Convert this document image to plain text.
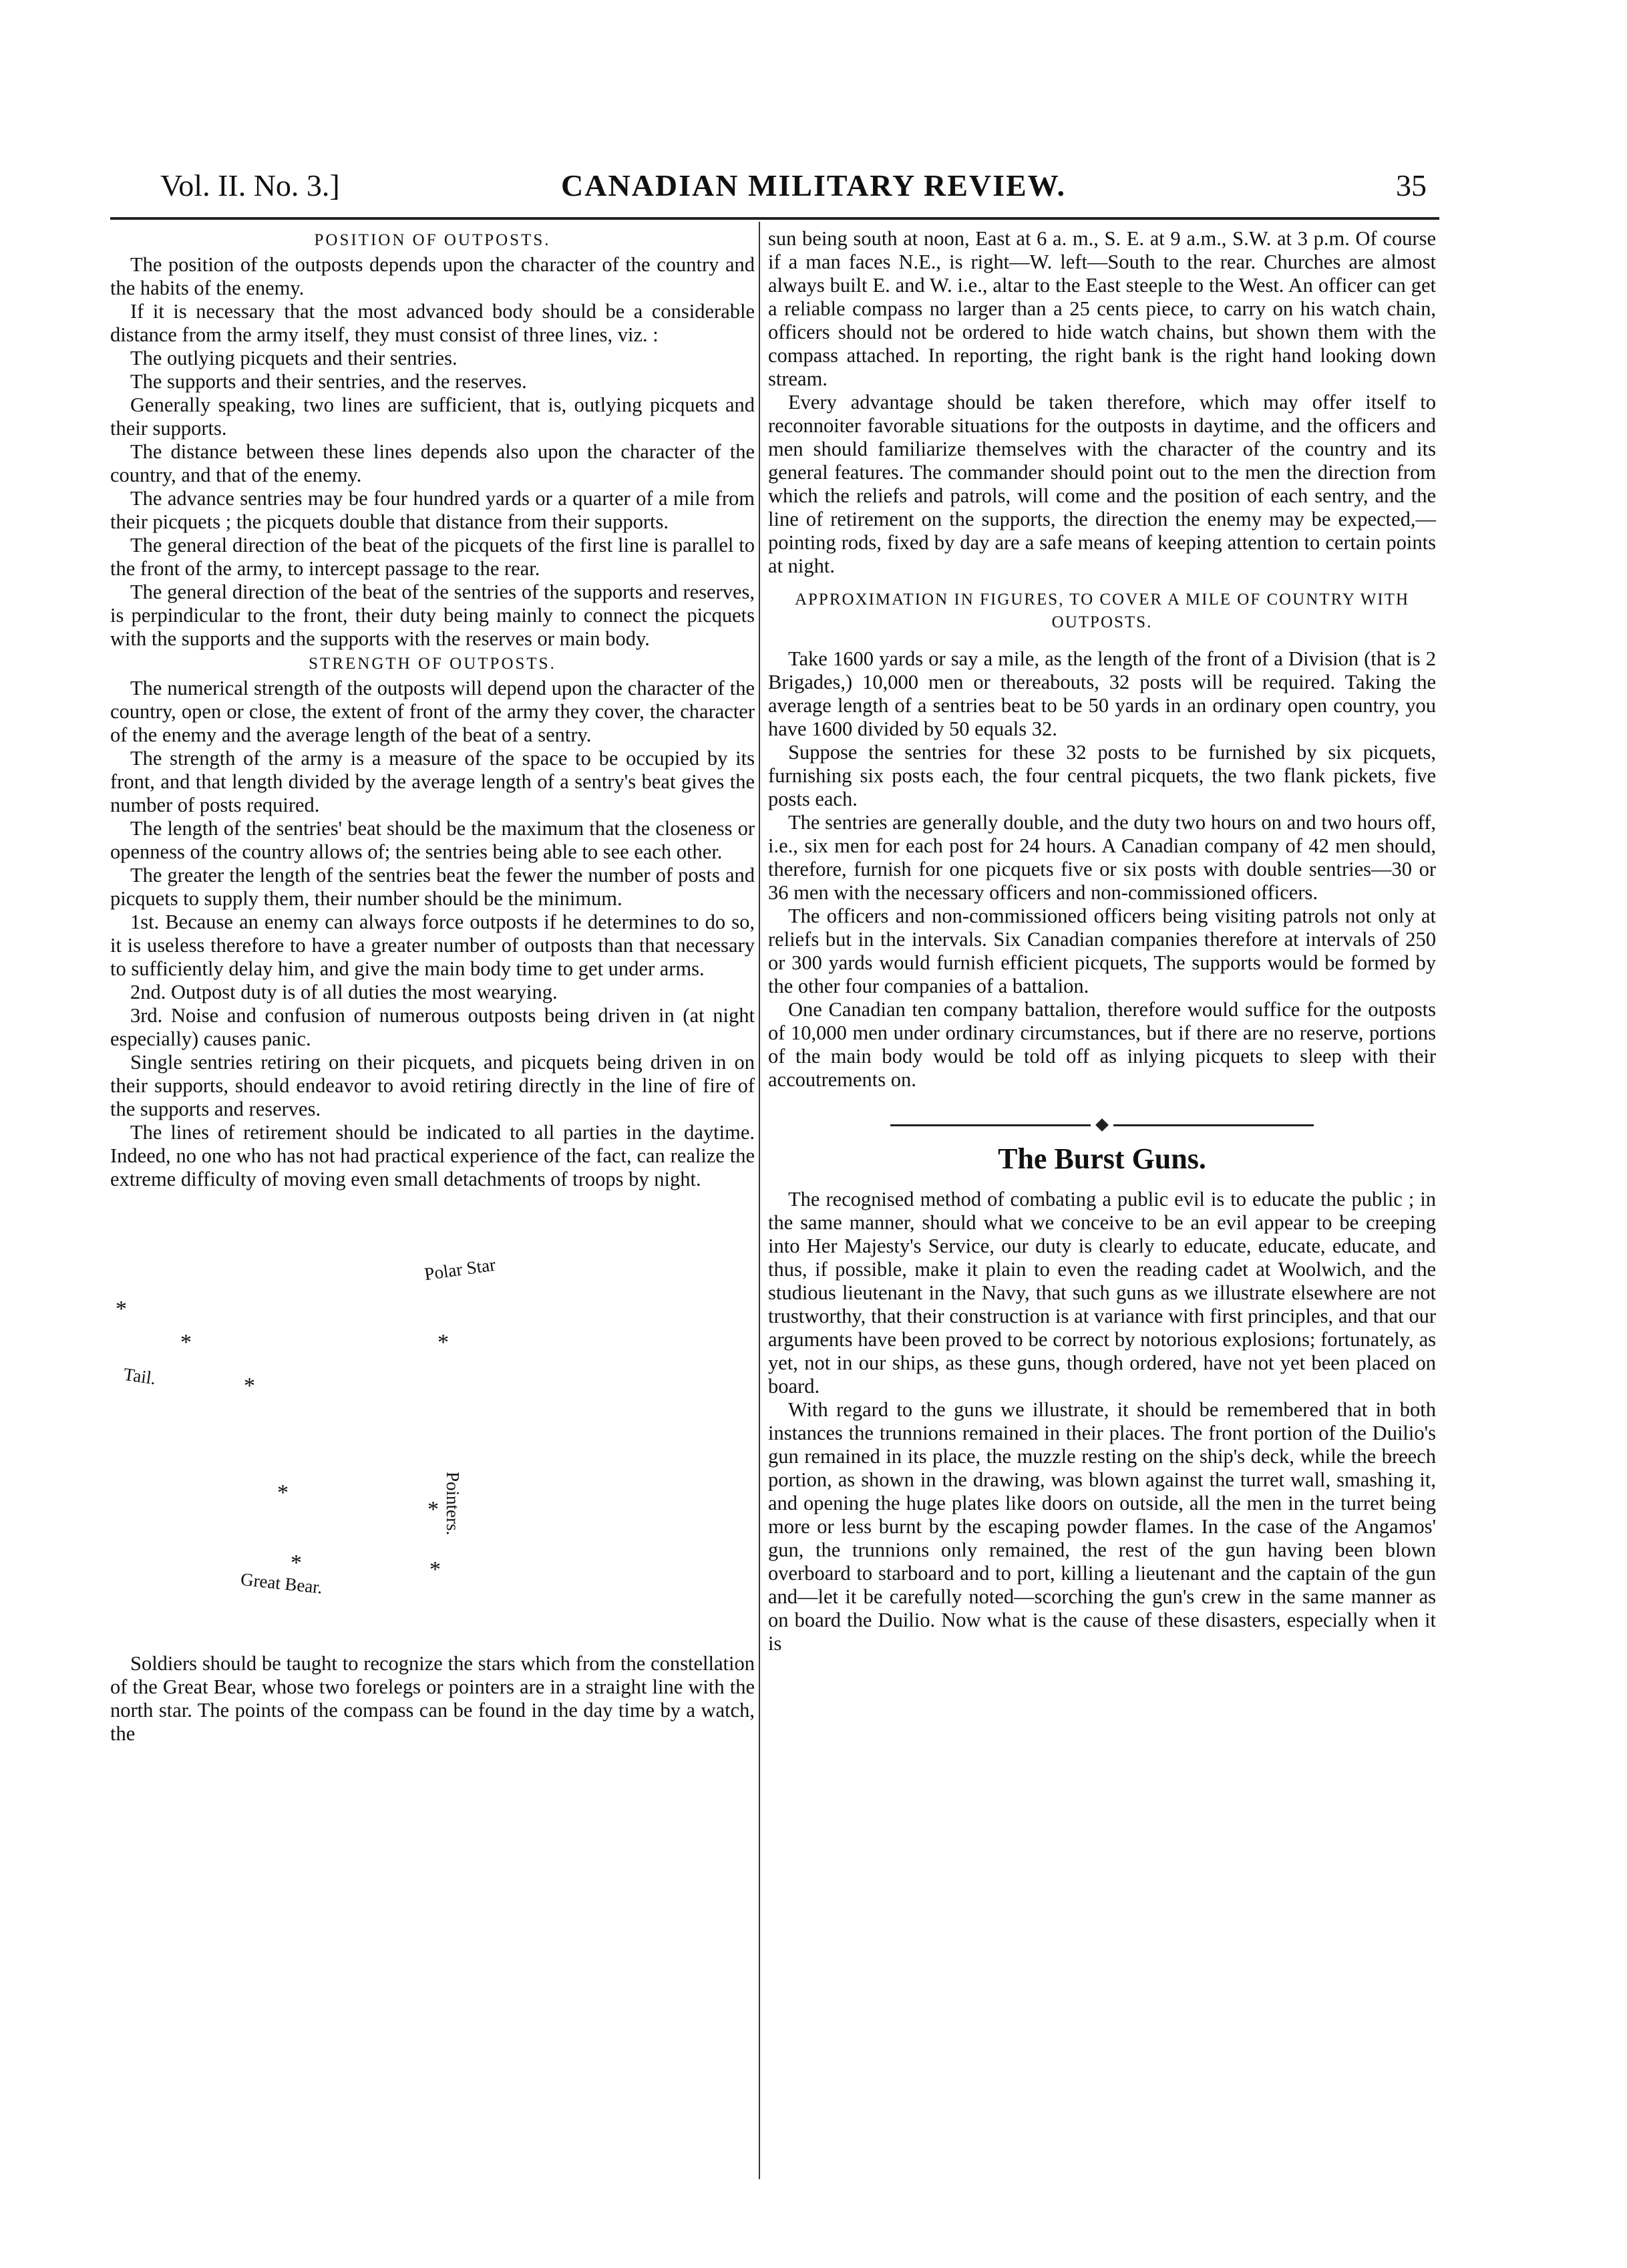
Vol. II. No. 3.]	CANADIAN MILITARY REVIEW.	35
POSITION OF OUTPOSTS.

The position of the outposts depends upon the character of the country and the habits of the enemy.

If it is necessary that the most advanced body should be a considerable distance from the army itself, they must consist of three lines, viz. :

The outlying picquets and their sentries.

The supports and their sentries, and the reserves.

Generally speaking, two lines are sufficient, that is, outlying picquets and their supports.

The distance between these lines depends also upon the character of the country, and that of the enemy.

The advance sentries may be four hundred yards or a quarter of a mile from their picquets ; the picquets double that distance from their supports.

The general direction of the beat of the picquets of the first line is parallel to the front of the army, to intercept passage to the rear.

The general direction of the beat of the sentries of the supports and reserves, is perpindicular to the front, their duty being mainly to connect the picquets with the supports and the supports with the reserves or main body.

STRENGTH OF OUTPOSTS.

The numerical strength of the outposts will depend upon the character of the country, open or close, the extent of front of the army they cover, the character of the enemy and the average length of the beat of a sentry.

The strength of the army is a measure of the space to be occupied by its front, and that length divided by the average length of a sentry's beat gives the number of posts required.

The length of the sentries' beat should be the maximum that the closeness or openness of the country allows of; the sentries being able to see each other.

The greater the length of the sentries beat the fewer the number of posts and picquets to supply them, their number should be the minimum.

1st. Because an enemy can always force outposts if he determines to do so, it is useless therefore to have a greater number of outposts than that necessary to sufficiently delay him, and give the main body time to get under arms.

2nd. Outpost duty is of all duties the most wearying.

3rd. Noise and confusion of numerous outposts being driven in (at night especially) causes panic.

Single sentries retiring on their picquets, and picquets being driven in on their supports, should endeavor to avoid retiring directly in the line of fire of the supports and reserves.

The lines of retirement should be indicated to all parties in the daytime. Indeed, no one who has not had practical experience of the fact, can realize the extreme difficulty of moving even small detachments of troops by night.

Polar Star
*
*
*
Tail.	*
*
*
*	*
Pointers.
Great Bear.

Soldiers should be taught to recognize the stars which from the constellation of the Great Bear, whose two forelegs or pointers are in a straight line with the north star. The points of the compass can be found in the day time by a watch, the

sun being south at noon, East at 6 a. m., S. E. at 9 a.m., S.W. at 3 p.m. Of course if a man faces N.E., is right—W. left—South to the rear. Churches are almost always built E. and W. i.e., altar to the East steeple to the West. An officer can get a reliable compass no larger than a 25 cents piece, to carry on his watch chain, officers should not be ordered to hide watch chains, but shown them with the compass attached. In reporting, the right bank is the right hand looking down stream.

Every advantage should be taken therefore, which may offer itself to reconnoiter favorable situations for the outposts in daytime, and the officers and men should familiarize themselves with the character of the country and its general features. The commander should point out to the men the direction from which the reliefs and patrols, will come and the position of each sentry, and the line of retirement on the supports, the direction the enemy may be expected,—pointing rods, fixed by day are a safe means of keeping attention to certain points at night.

APPROXIMATION IN FIGURES, TO COVER A MILE OF COUNTRY WITH OUTPOSTS.

Take 1600 yards or say a mile, as the length of the front of a Division (that is 2 Brigades,) 10,000 men or thereabouts, 32 posts will be required. Taking the average length of a sentries beat to be 50 yards in an ordinary open country, you have 1600 divided by 50 equals 32.

Suppose the sentries for these 32 posts to be furnished by six picquets, furnishing six posts each, the four central picquets, the two flank pickets, five posts each.

The sentries are generally double, and the duty two hours on and two hours off, i.e., six men for each post for 24 hours. A Canadian company of 42 men should, therefore, furnish for one picquets five or six posts with double sentries—30 or 36 men with the necessary officers and non-commissioned officers.

The officers and non-commissioned officers being visiting patrols not only at reliefs but in the intervals. Six Canadian companies therefore at intervals of 250 or 300 yards would furnish efficient picquets, The supports would be formed by the other four companies of a battalion.

One Canadian ten company battalion, therefore would suffice for the outposts of 10,000 men under ordinary circumstances, but if there are no reserve, portions of the main body would be told off as inlying picquets to sleep with their accoutrements on.

The Burst Guns.

The recognised method of combating a public evil is to educate the public ; in the same manner, should what we conceive to be an evil appear to be creeping into Her Majesty's Service, our duty is clearly to educate, educate, educate, and thus, if possible, make it plain to even the reading cadet at Woolwich, and the studious lieutenant in the Navy, that such guns as we illustrate elsewhere are not trustworthy, that their construction is at variance with first principles, and that our arguments have been proved to be correct by notorious explosions; fortunately, as yet, not in our ships, as these guns, though ordered, have not yet been placed on board.

With regard to the guns we illustrate, it should be remembered that in both instances the trunnions remained in their places. The front portion of the Duilio's gun remained in its place, the muzzle resting on the ship's deck, while the breech portion, as shown in the drawing, was blown against the turret wall, smashing it, and opening the huge plates like doors on outside, all the men in the turret being more or less burnt by the escaping powder flames. In the case of the Angamos' gun, the trunnions only remained, the rest of the gun having been blown overboard to starboard and to port, killing a lieutenant and the captain of the gun and—let it be carefully noted—scorching the gun's crew in the same manner as on board the Duilio. Now what is the cause of these disasters, especially when it is
